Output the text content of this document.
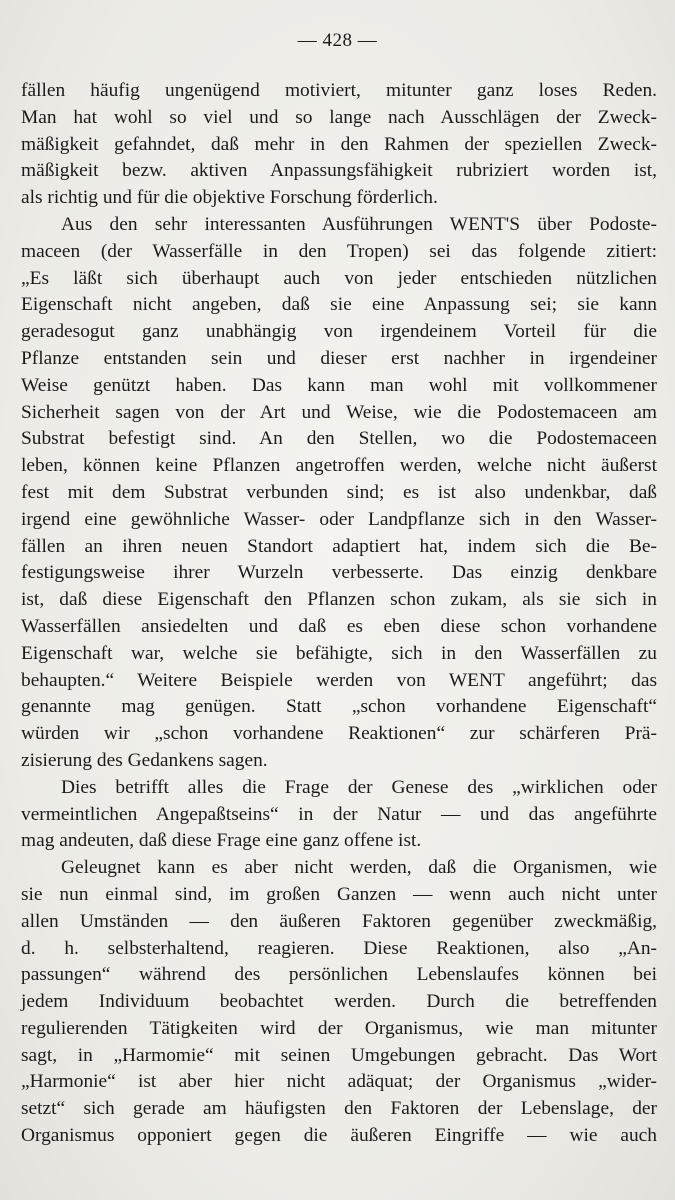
— 428 —
fällen häufig ungenügend motiviert, mitunter ganz loses Reden.
Man hat wohl so viel und so lange nach Ausschlägen der Zweck-
mäßigkeit gefahndet, daß mehr in den Rahmen der speziellen Zweck-
mäßigkeit bezw. aktiven Anpassungsfähigkeit rubriziert worden ist,
als richtig und für die objektive Forschung förderlich.
Aus den sehr interessanten Ausführungen WENT'S über Podoste-
maceen (der Wasserfälle in den Tropen) sei das folgende zitiert:
„Es läßt sich überhaupt auch von jeder entschieden nützlichen
Eigenschaft nicht angeben, daß sie eine Anpassung sei; sie kann
geradesogut ganz unabhängig von irgendeinem Vorteil für die
Pflanze entstanden sein und dieser erst nachher in irgendeiner
Weise genützt haben. Das kann man wohl mit vollkommener
Sicherheit sagen von der Art und Weise, wie die Podostemaceen am
Substrat befestigt sind. An den Stellen, wo die Podostemaceen
leben, können keine Pflanzen angetroffen werden, welche nicht äußerst
fest mit dem Substrat verbunden sind; es ist also undenkbar, daß
irgend eine gewöhnliche Wasser- oder Landpflanze sich in den Wasser-
fällen an ihren neuen Standort adaptiert hat, indem sich die Be-
festigungsweise ihrer Wurzeln verbesserte. Das einzig denkbare
ist, daß diese Eigenschaft den Pflanzen schon zukam, als sie sich in
Wasserfällen ansiedelten und daß es eben diese schon vorhandene
Eigenschaft war, welche sie befähigte, sich in den Wasserfällen zu
behaupten.“ Weitere Beispiele werden von WENT angeführt; das
genannte mag genügen. Statt „schon vorhandene Eigenschaft“
würden wir „schon vorhandene Reaktionen“ zur schärferen Prä-
zisierung des Gedankens sagen.
Dies betrifft alles die Frage der Genese des „wirklichen oder
vermeintlichen Angepaßtseins“ in der Natur — und das angeführte
mag andeuten, daß diese Frage eine ganz offene ist.
Geleugnet kann es aber nicht werden, daß die Organismen, wie
sie nun einmal sind, im großen Ganzen — wenn auch nicht unter
allen Umständen — den äußeren Faktoren gegenüber zweckmäßig,
d. h. selbsterhaltend, reagieren. Diese Reaktionen, also „An-
passungen“ während des persönlichen Lebenslaufes können bei
jedem Individuum beobachtet werden. Durch die betreffenden
regulierenden Tätigkeiten wird der Organismus, wie man mitunter
sagt, in „Harmomie“ mit seinen Umgebungen gebracht. Das Wort
„Harmonie“ ist aber hier nicht adäquat; der Organismus „wider-
setzt“ sich gerade am häufigsten den Faktoren der Lebenslage, der
Organismus opponiert gegen die äußeren Eingriffe — wie auch
